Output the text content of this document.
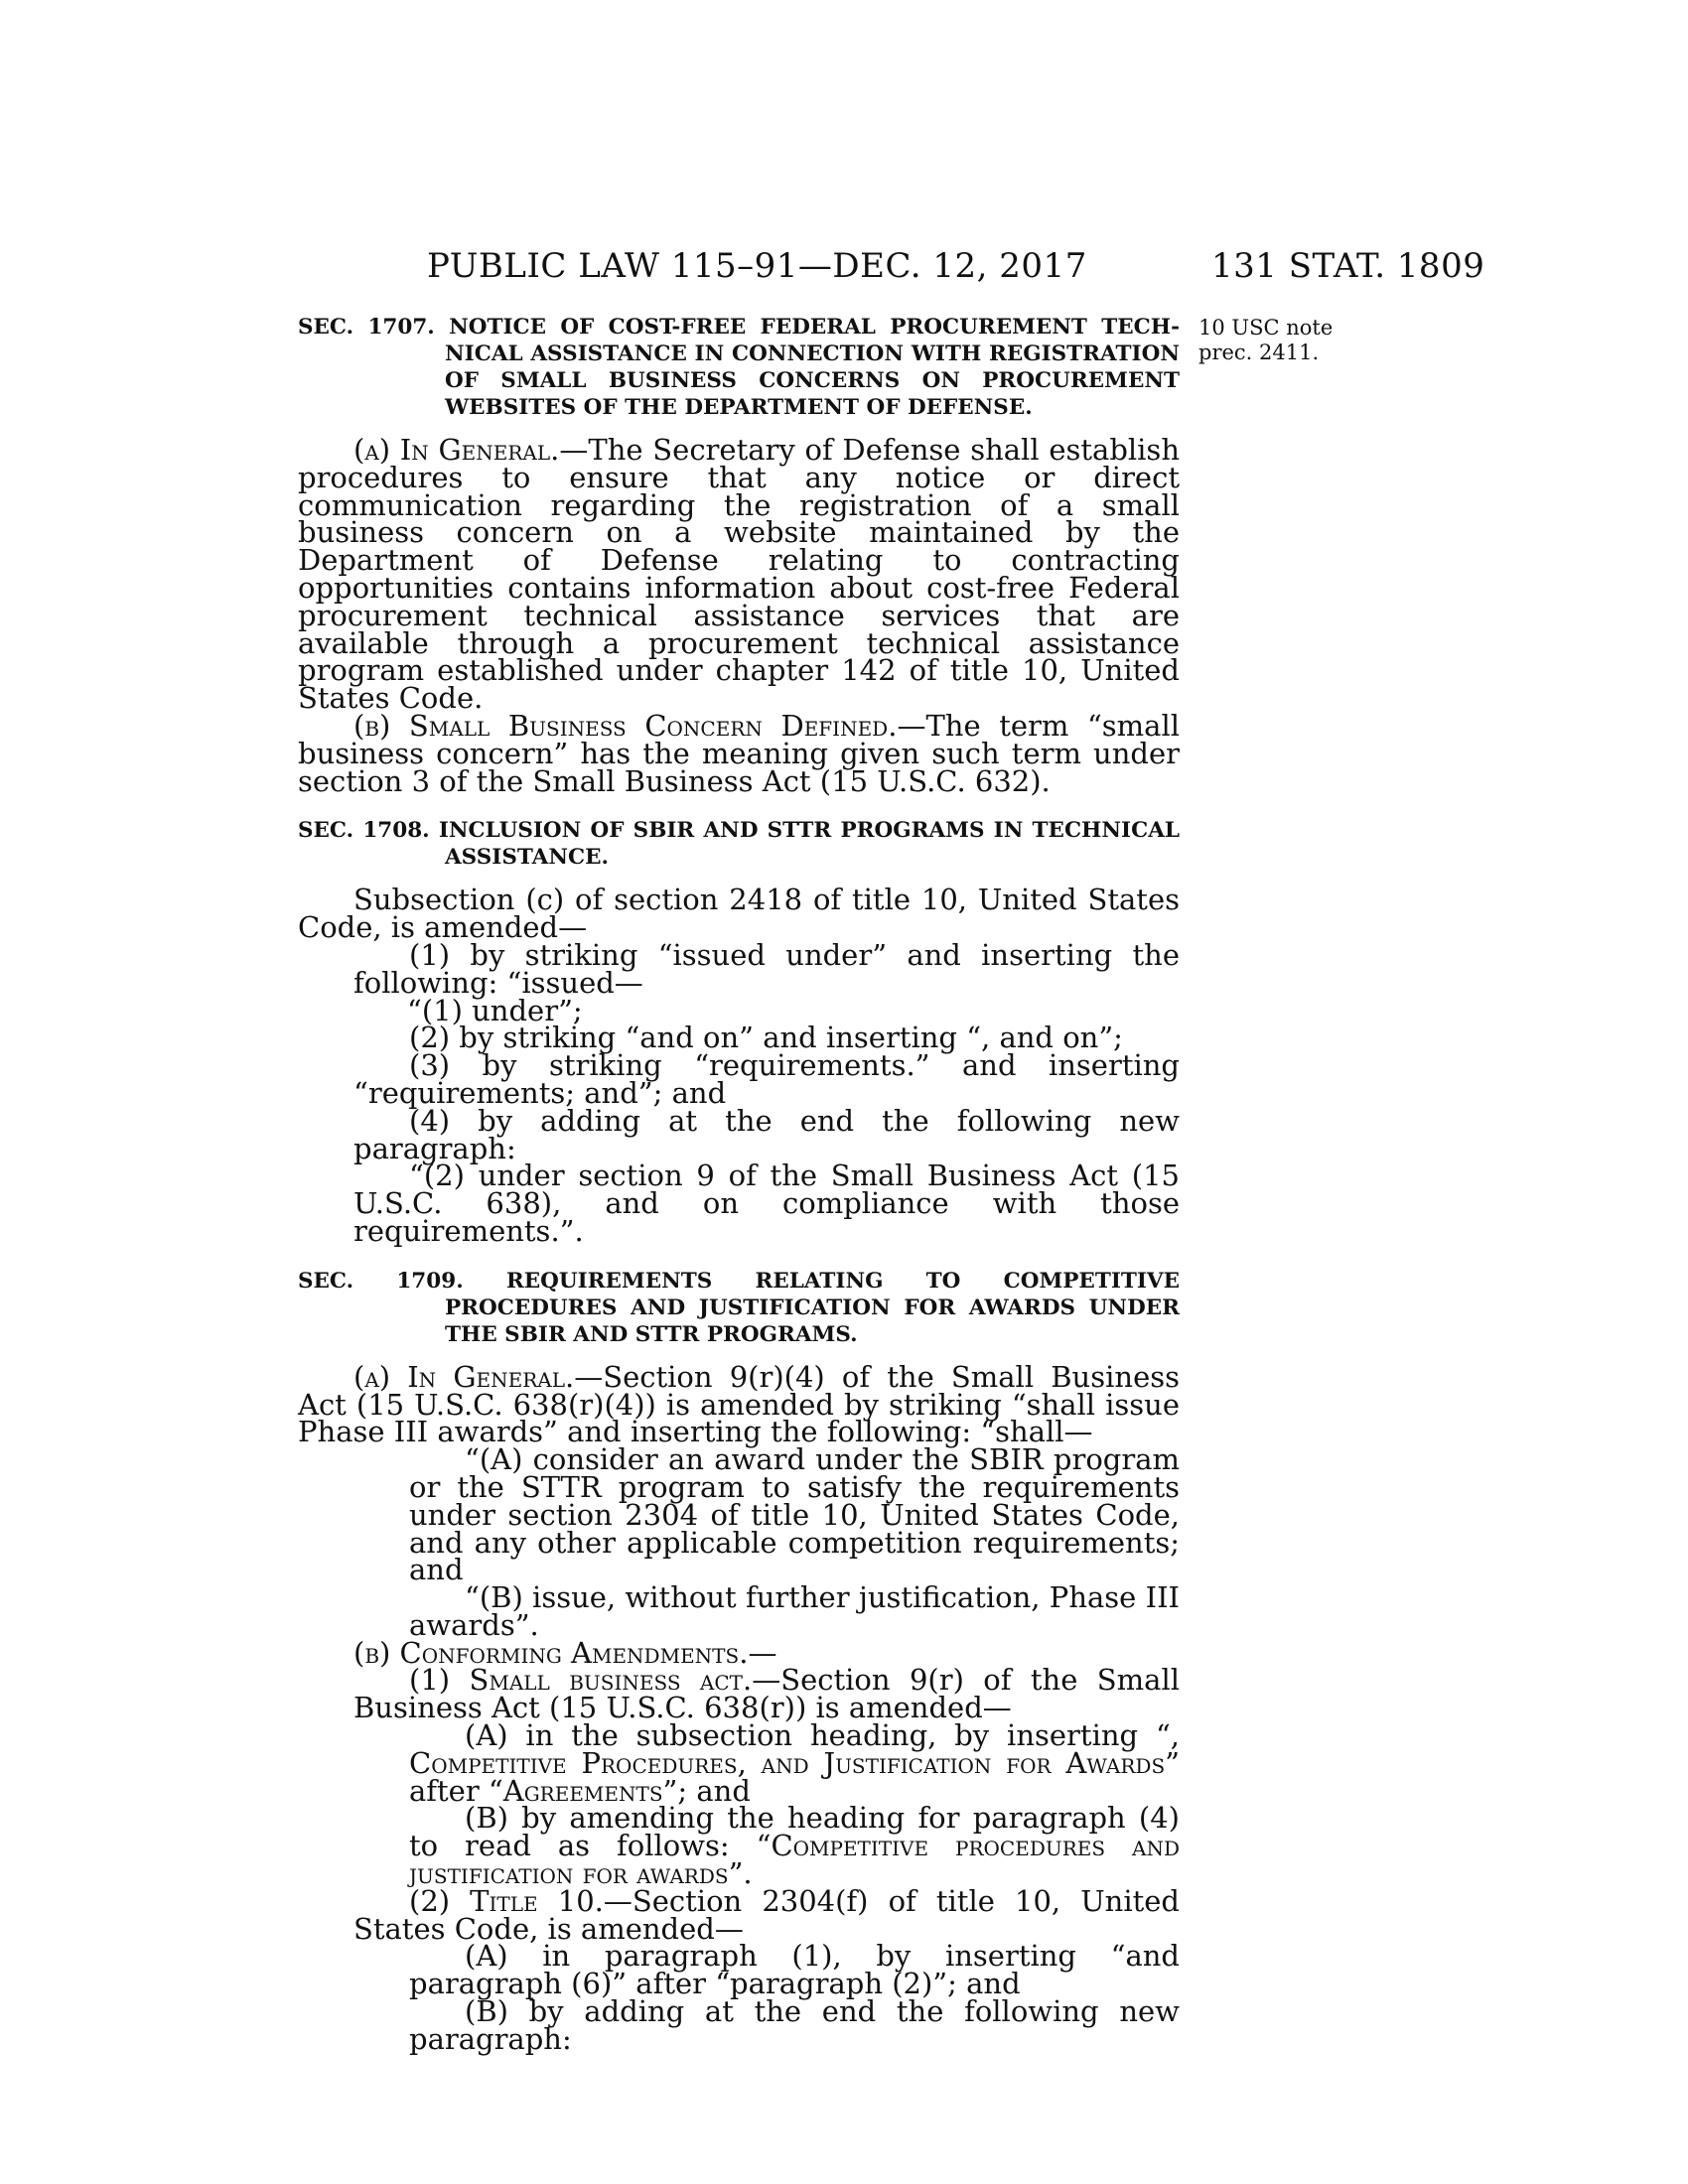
PUBLIC LAW 115–91—DEC. 12, 2017	131 STAT. 1809
10 USC note
prec. 2411.

SEC. 1707. NOTICE OF COST-FREE FEDERAL PROCUREMENT TECHNICAL ASSISTANCE IN CONNECTION WITH REGISTRATION OF SMALL BUSINESS CONCERNS ON PROCUREMENT WEBSITES OF THE DEPARTMENT OF DEFENSE.

(a) In General.—The Secretary of Defense shall establish procedures to ensure that any notice or direct communication regarding the registration of a small business concern on a website maintained by the Department of Defense relating to contracting opportunities contains information about cost-free Federal procurement technical assistance services that are available through a procurement technical assistance program established under chapter 142 of title 10, United States Code.

(b) Small Business Concern Defined.—The term “small business concern” has the meaning given such term under section 3 of the Small Business Act (15 U.S.C. 632).

SEC. 1708. INCLUSION OF SBIR AND STTR PROGRAMS IN TECHNICAL ASSISTANCE.

Subsection (c) of section 2418 of title 10, United States Code, is amended—

(1) by striking “issued under” and inserting the following: “issued—

“(1) under”;

(2) by striking “and on” and inserting “, and on”;

(3) by striking “requirements.” and inserting “requirements; and”; and

(4) by adding at the end the following new paragraph:

“(2) under section 9 of the Small Business Act (15 U.S.C. 638), and on compliance with those requirements.”.

SEC. 1709. REQUIREMENTS RELATING TO COMPETITIVE PROCEDURES AND JUSTIFICATION FOR AWARDS UNDER THE SBIR AND STTR PROGRAMS.

(a) In General.—Section 9(r)(4) of the Small Business Act (15 U.S.C. 638(r)(4)) is amended by striking “shall issue Phase III awards” and inserting the following: “shall—

“(A) consider an award under the SBIR program or the STTR program to satisfy the requirements under section 2304 of title 10, United States Code, and any other applicable competition requirements; and

“(B) issue, without further justification, Phase III awards”.

(b) Conforming Amendments.—

(1) Small business act.—Section 9(r) of the Small Business Act (15 U.S.C. 638(r)) is amended—

(A) in the subsection heading, by inserting “, Competitive Procedures, and Justification for Awards” after “Agreements”; and

(B) by amending the heading for paragraph (4) to read as follows: “Competitive procedures and justification for awards”.

(2) Title 10.—Section 2304(f) of title 10, United States Code, is amended—

(A) in paragraph (1), by inserting “and paragraph (6)” after “paragraph (2)”; and

(B) by adding at the end the following new paragraph:
